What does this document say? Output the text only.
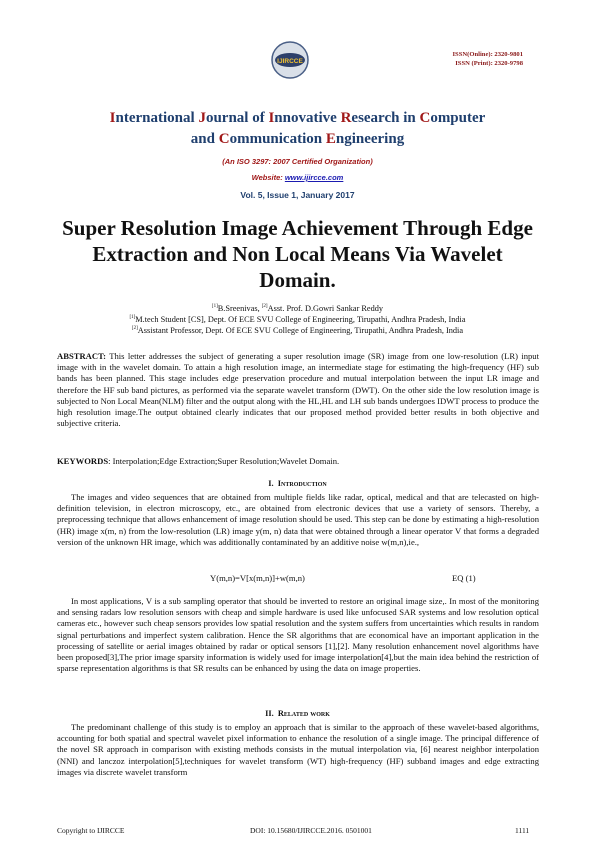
IJIRCCE
ISSN(Online): 2320-9801
ISSN (Print): 2320-9798
International Journal of Innovative Research in Computer
and Communication Engineering
(An ISO 3297: 2007 Certified Organization)
Website: www.ijircce.com
Vol. 5, Issue 1, January 2017
Super Resolution Image Achievement Through Edge Extraction and Non Local Means Via Wavelet Domain.
[1]B.Sreenivas, [2]Asst. Prof. D.Gowri Sankar Reddy
[1]M.tech Student [CS], Dept. Of ECE SVU College of Engineering, Tirupathi, Andhra Pradesh, India
[2]Assistant Professor, Dept. Of ECE SVU College of Engineering, Tirupathi, Andhra Pradesh, India
ABSTRACT: This letter addresses the subject of generating a super resolution image (SR) image from one low-resolution (LR) input image with in the wavelet domain. To attain a high resolution image, an intermediate stage for estimating the high-frequency (HF) sub bands has been planned. This stage includes edge preservation procedure and mutual interpolation between the input LR image and therefore the HF sub band pictures, as performed via the separate wavelet transform (DWT). On the other side the low resolution image is subjected to Non Local Mean(NLM) filter and the output along with the HL,HL and LH sub bands undergoes IDWT process to produce the high resolution image.The output obtained clearly indicates that our proposed method provided better results in both objective and subjective criteria.
KEYWORDS: Interpolation;Edge Extraction;Super Resolution;Wavelet Domain.
I. Introduction
The images and video sequences that are obtained from multiple fields like radar, optical, medical and that are telecasted on high-definition television, in electron microscopy, etc., are obtained from electronic devices that use a variety of sensors. Thereby, a preprocessing technique that allows enhancement of image resolution should be used. This step can be done by estimating a high-resolution (HR) image x(m, n) from the low-resolution (LR) image y(m, n) data that were obtained through a linear operator V that forms a degraded version of the unknown HR image, which was additionally contaminated by an additive noise w(m,n),ie.,
Y(m,n)=V[x(m,n)]+w(m,n)	EQ (1)
In most applications, V is a sub sampling operator that should be inverted to restore an original image size,. In most of the monitoring and sensing radars low resolution sensors with cheap and simple hardware is used like unfocused SAR systems and low resolution optical cameras etc., however such cheap sensors provides low spatial resolution and the system suffers from uncertainties which results in random signal perturbations and imperfect system calibration. Hence the SR algorithms that are economical have an important application in the processing of satellite or aerial images obtained by radar or optical sensors [1],[2]. Many resolution enhancement novel algorithms have been proposed[3],The prior image sparsity information is widely used for image interpolation[4],but the main idea behind the restriction of sparse representation algorithms is that SR results can be enhanced by using the data on image properties.
II. Related work
The predominant challenge of this study is to employ an approach that is similar to the approach of these wavelet-based algorithms, accounting for both spatial and spectral wavelet pixel information to enhance the resolution of a single image. The principal difference of the novel SR approach in comparison with existing methods consists in the mutual interpolation via, [6] nearest neighbor interpolation (NNI) and lanczoz interpolation[5],techniques for wavelet transform (WT) high-frequency (HF) subband images and edge extracting images via discrete wavelet transform
Copyright to IJIRCCE	DOI: 10.15680/IJIRCCE.2016. 0501001	1111
